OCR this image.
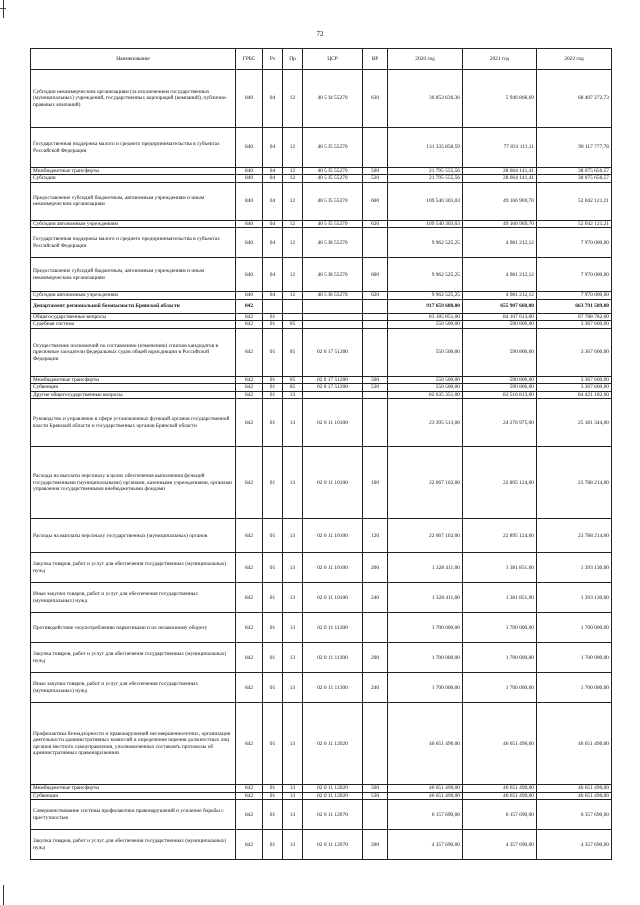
72
Наименование	ГРБС	Рз	Пр	ЦСР	ВР	2020 год	2021 год	2022 год
Субсидии некоммерческим организациям (за исключением государственных (муниципальных) учреждений, государственных корпораций (компаний), публично-правовых компаний)	840	04	12	40 5 I4 55270	630	30 853 636,36	5 946 868,69	68 407 272,73
Государственная поддержка малого и среднего предпринимательства в субъектах Российской Федерации	840	04	12	40 5 I5 55270		131 335 858,59	77 831 111,11	90 117 777,78
Межбюджетные трансферты	840	04	12	40 5 I5 55270	500	21 795 555,56	28 664 141,41	38 075 656,57
Субсидии	840	04	12	40 5 I5 55270	520	21 795 555,56	28 664 141,41	38 075 656,57
Предоставление субсидий бюджетным, автономным учреждениям и иным некоммерческим организациям	840	04	12	40 5 I5 55270	600	109 540 303,03	49 166 969,70	52 042 121,21
Субсидии автономным учреждениям	840	04	12	40 5 I5 55270	620	109 540 303,03	49 166 969,70	52 042 121,21
Государственная поддержка малого и среднего предпринимательства в субъектах Российской Федерации	840	04	12	40 5 I8 55270		9 962 525,25	4 981 212,12	7 970 000,00
Предоставление субсидий бюджетным, автономным учреждениям и иным некоммерческим организациям	840	04	12	40 5 I8 55270	600	9 962 525,25	4 981 212,12	7 970 000,00
Субсидии автономным учреждениям	840	04	12	40 5 I8 55270	620	9 962 525,25	4 981 212,12	7 970 000,00
Департамент региональной безопасности Брянской области	842					917 659 688,00	655 907 660,00	663 791 589,00
Общегосударственные вопросы	842	01				83 185 851,00	84 107 613,00	87 788 782,00
Судебная система	842	01	05			550 500,00	590 800,00	3 367 600,00
Осуществление полномочий по составлению (изменению) списков кандидатов в присяжные заседатели федеральных судов общей юрисдикции в Российской Федерации	842	01	05	02 0 17 51200		550 500,00	590 800,00	3 367 600,00
Межбюджетные трансферты	842	01	05	02 0 17 51200	500	550 500,00	590 800,00	3 367 600,00
Субвенции	842	01	05	02 0 17 51200	530	550 500,00	590 800,00	3 367 600,00
Другие общегосударственные вопросы	842	01	13			82 635 351,00	83 516 813,00	84 421 182,00
Руководство и управление в сфере установленных функций органов государственной власти Брянской области и государственных органов Брянской области	842	01	13	02 0 11 10100		23 395 513,00	24 276 975,00	25 181 344,00
Расходы на выплаты персоналу в целях обеспечения выполнения функций государственными (муниципальными) органами, казенными учреждениями, органами управления государственными внебюджетными фондами	842	01	13	02 0 11 10100	100	22 067 102,00	22 895 124,00	23 788 214,00
Расходы на выплаты персоналу государственных (муниципальных) органов	842	01	13	02 0 11 10100	120	22 067 102,00	22 895 124,00	23 788 214,00
Закупка товаров, работ и услуг для обеспечения государственных (муниципальных) нужд	842	01	13	02 0 11 10100	200	1 328 411,00	1 381 851,00	1 393 130,00
Иные закупки товаров, работ и услуг для обеспечения государственных (муниципальных) нужд	842	01	13	02 0 11 10100	240	1 328 411,00	1 381 851,00	1 393 130,00
Противодействие злоупотреблению наркотиками и их незаконному обороту	842	01	13	02 0 11 11300		1 700 000,00	1 700 000,00	1 700 000,00
Закупка товаров, работ и услуг для обеспечения государственных (муниципальных) нужд	842	01	13	02 0 11 11300	200	1 700 000,00	1 700 000,00	1 700 000,00
Иные закупки товаров, работ и услуг для обеспечения государственных (муниципальных) нужд	842	01	13	02 0 11 11300	240	1 700 000,00	1 700 000,00	1 700 000,00
Профилактика безнадзорности и правонарушений несовершеннолетних, организация деятельности административных комиссий и определение перечня должностных лиц органов местного самоуправления, уполномоченных составлять протоколы об административных правонарушениях	842	01	13	02 0 11 12020		46 651 490,00	46 651 490,00	46 651 490,00
Межбюджетные трансферты	842	01	13	02 0 11 12020	500	46 651 490,00	46 651 490,00	46 651 490,00
Субвенции	842	01	13	02 0 11 12020	530	46 651 490,00	46 651 490,00	46 651 490,00
Совершенствование системы профилактики правонарушений и усиление борьбы с преступностью	842	01	13	02 0 11 12070		6 157 690,00	6 157 690,00	6 157 690,00
Закупка товаров, работ и услуг для обеспечения государственных (муниципальных) нужд	842	01	13	02 0 11 12070	200	4 357 690,00	4 357 690,00	4 357 690,00
